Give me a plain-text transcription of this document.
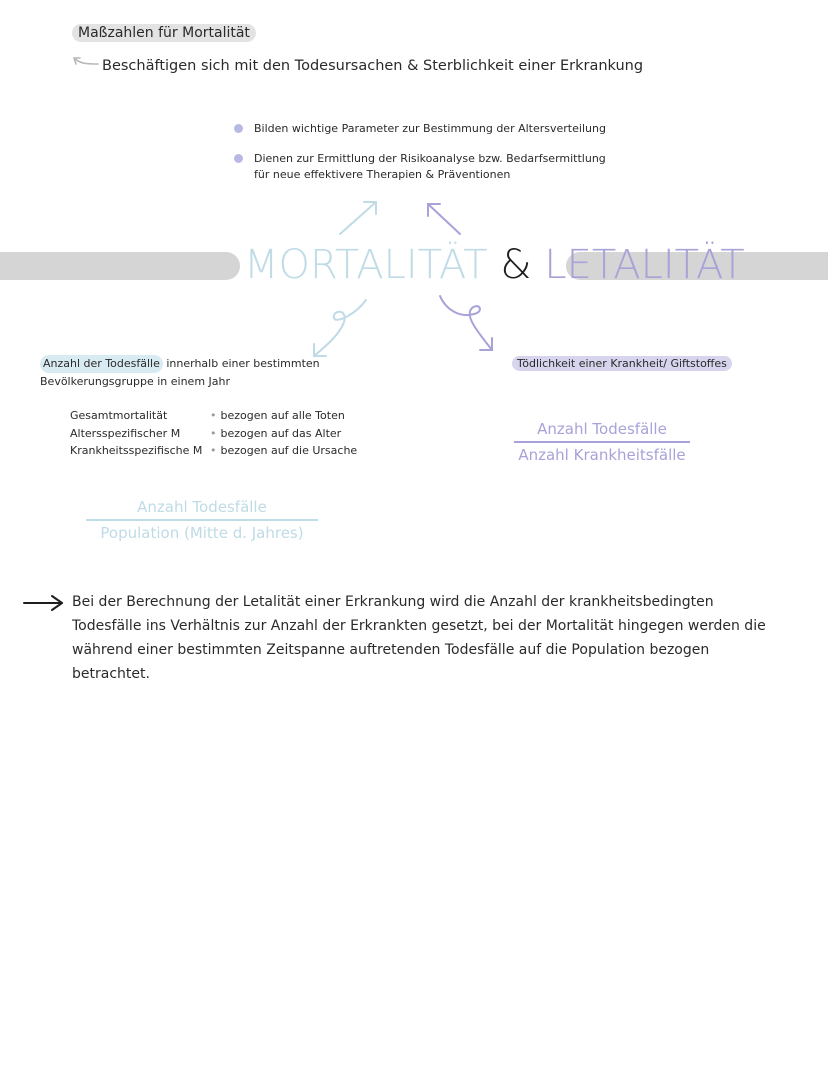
Maßzahlen für Mortalität
Beschäftigen sich mit den Todesursachen & Sterblichkeit einer Erkrankung
Bilden wichtige Parameter zur Bestimmung der Altersverteilung
Dienen zur Ermittlung der Risikoanalyse bzw. Bedarfsermittlung für neue effektivere Therapien & Präventionen
MORTALITÄT & LETALITÄT
Anzahl der Todesfälle innerhalb einer bestimmten Bevölkerungsgruppe in einem Jahr
Gesamtmortalität	• bezogen auf alle Toten
Altersspezifischer M	• bezogen auf das Alter
Krankheitsspezifische M • bezogen auf die Ursache
Tödlichkeit einer Krankheit/ Giftstoffes
Anzahl Todesfälle
Anzahl Krankheitsfälle
Anzahl Todesfälle
Population (Mitte d. Jahres)
Bei der Berechnung der Letalität einer Erkrankung wird die Anzahl der krankheitsbedingten Todesfälle ins Verhältnis zur Anzahl der Erkrankten gesetzt, bei der Mortalität hingegen werden die während einer bestimmten Zeitspanne auftretenden Todesfälle auf die Population bezogen betrachtet.
